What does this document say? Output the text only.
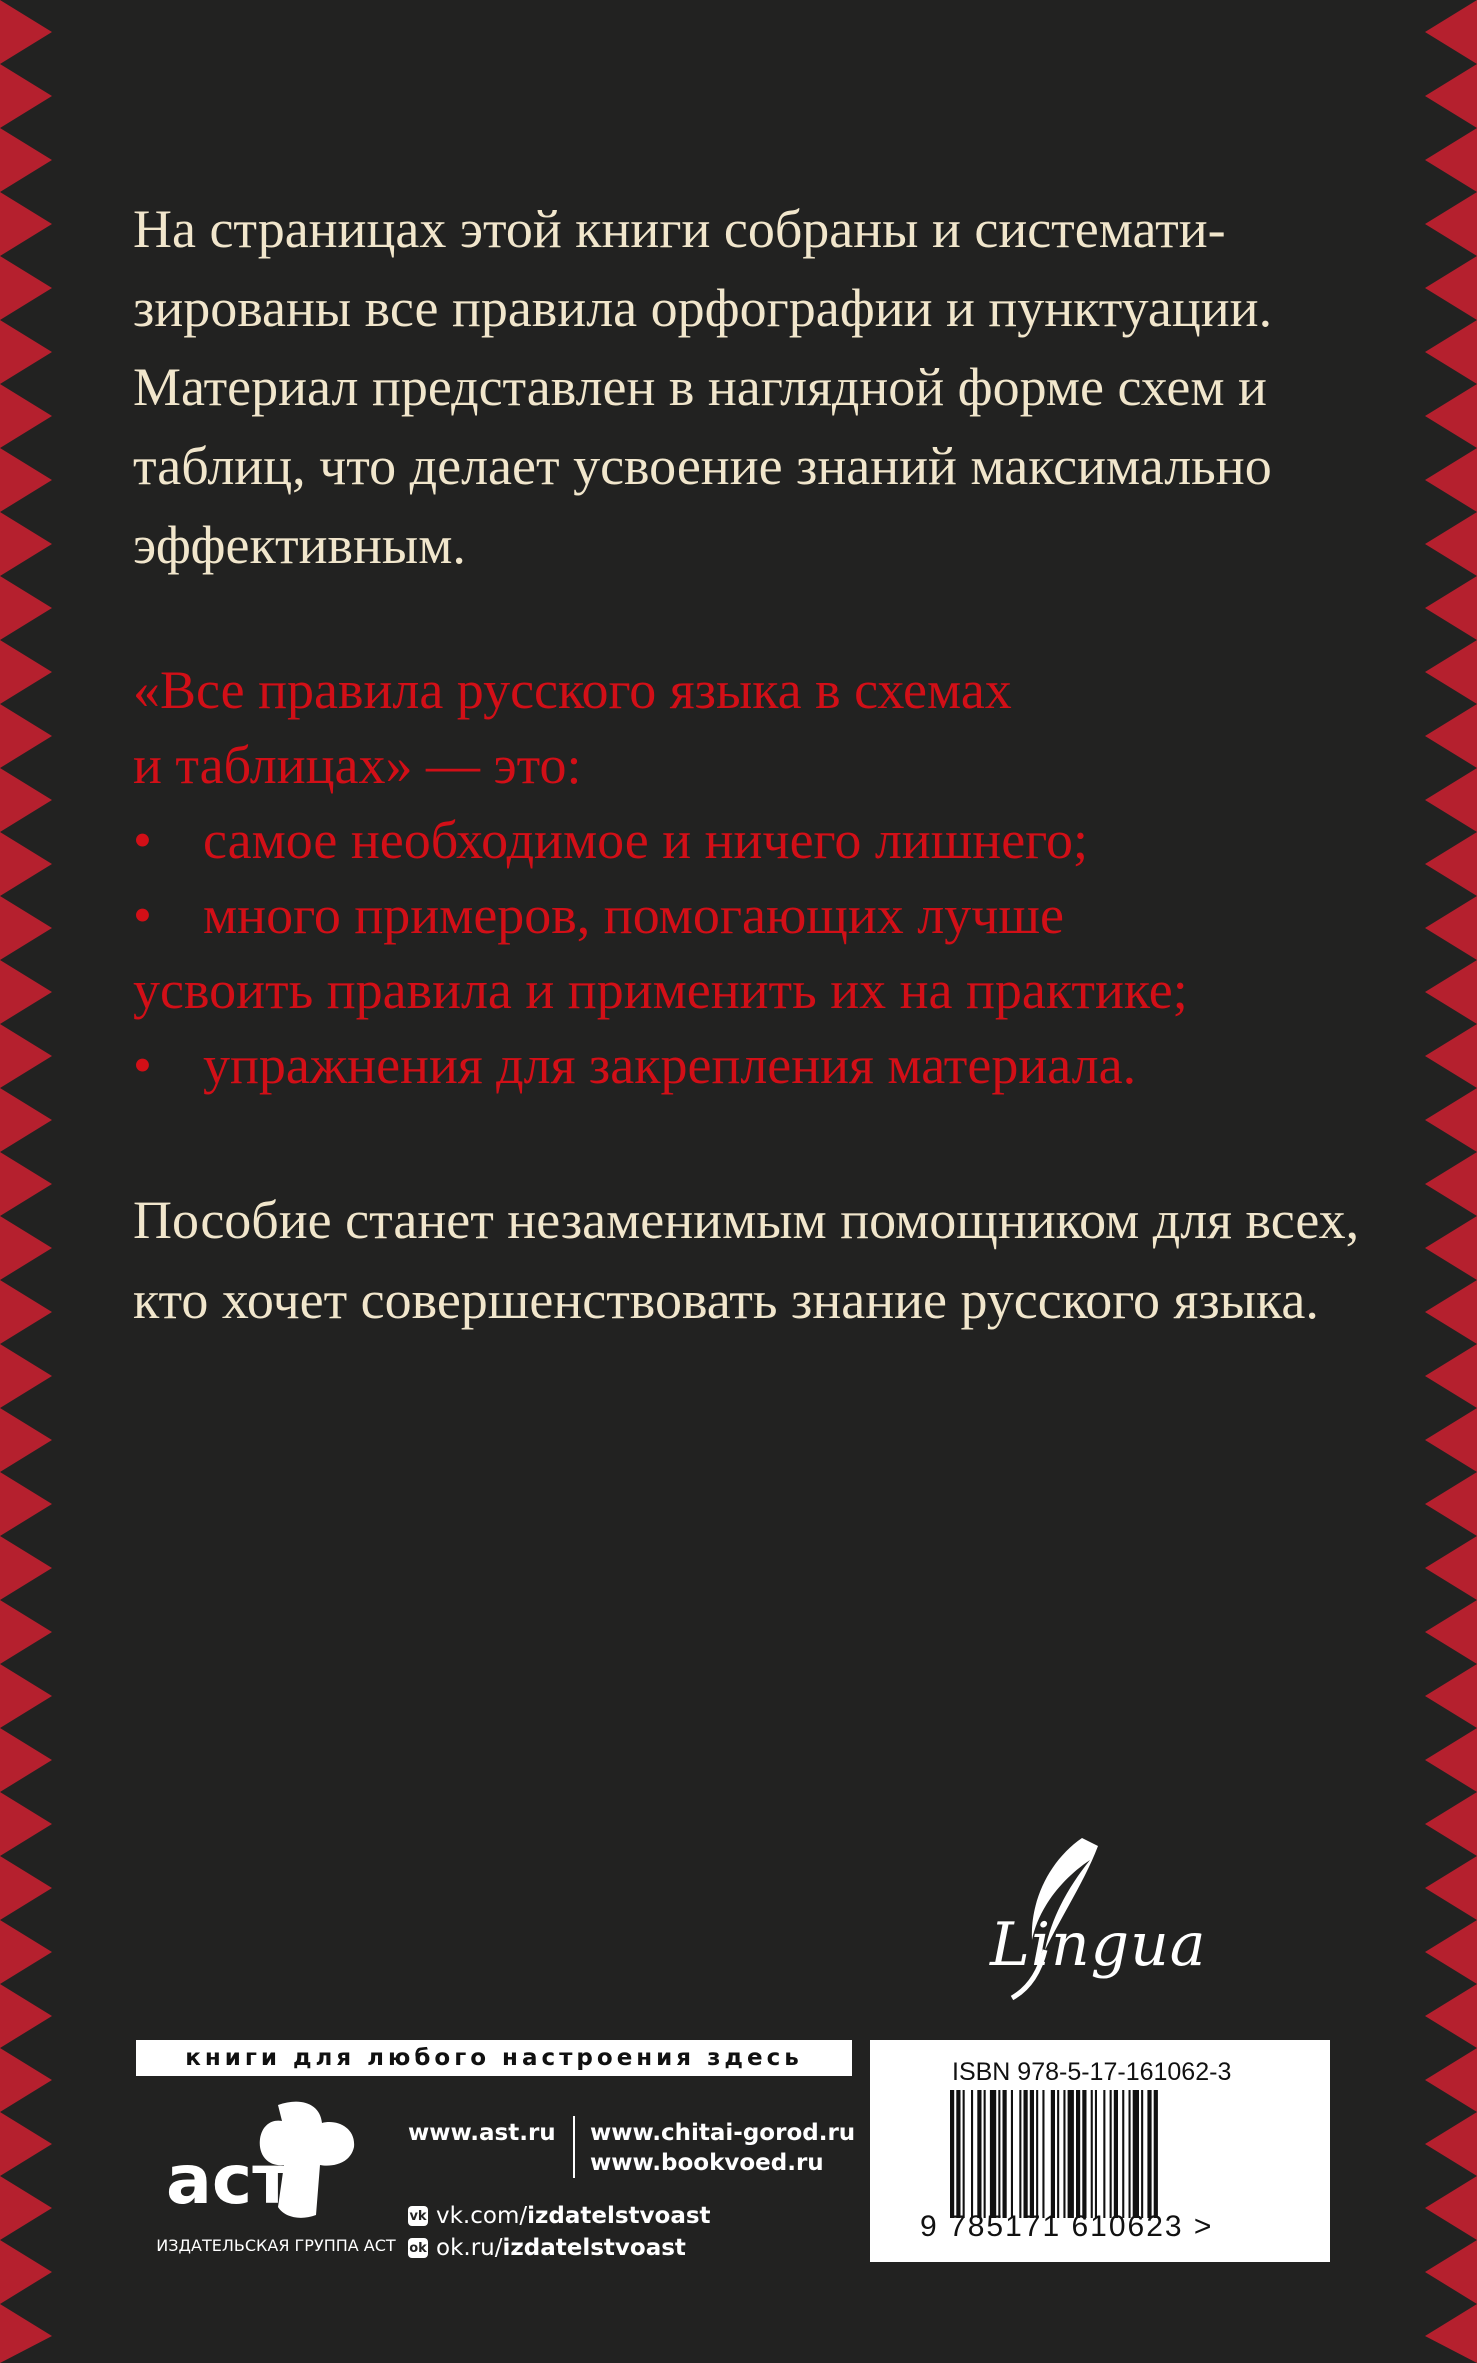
На страницах этой книги собраны и системати-
зированы все правила орфографии и пунктуации.
Материал представлен в наглядной форме схем и
таблиц, что делает усвоение знаний максимально
эффективным.
«Все правила русского языка в схемах
и таблицах» — это:
• самое необходимое и ничего лишнего;
• много примеров, помогающих лучше
усвоить правила и применить их на практике;
• упражнения для закрепления материала.
Пособие станет незаменимым помощником для всех,
кто хочет совершенствовать знание русского языка.
Lingua
книги для любого настроения здесь
аст
ИЗДАТЕЛЬСКАЯ ГРУППА АСТ
www.ast.ru www.chitai-gorod.ru
www.bookvoed.ru
vk vk.com/ izdatelstvoast
ok ok.ru/ izdatelstvoast
ISBN 978-5-17-161062-3
9 785171 610623 >
